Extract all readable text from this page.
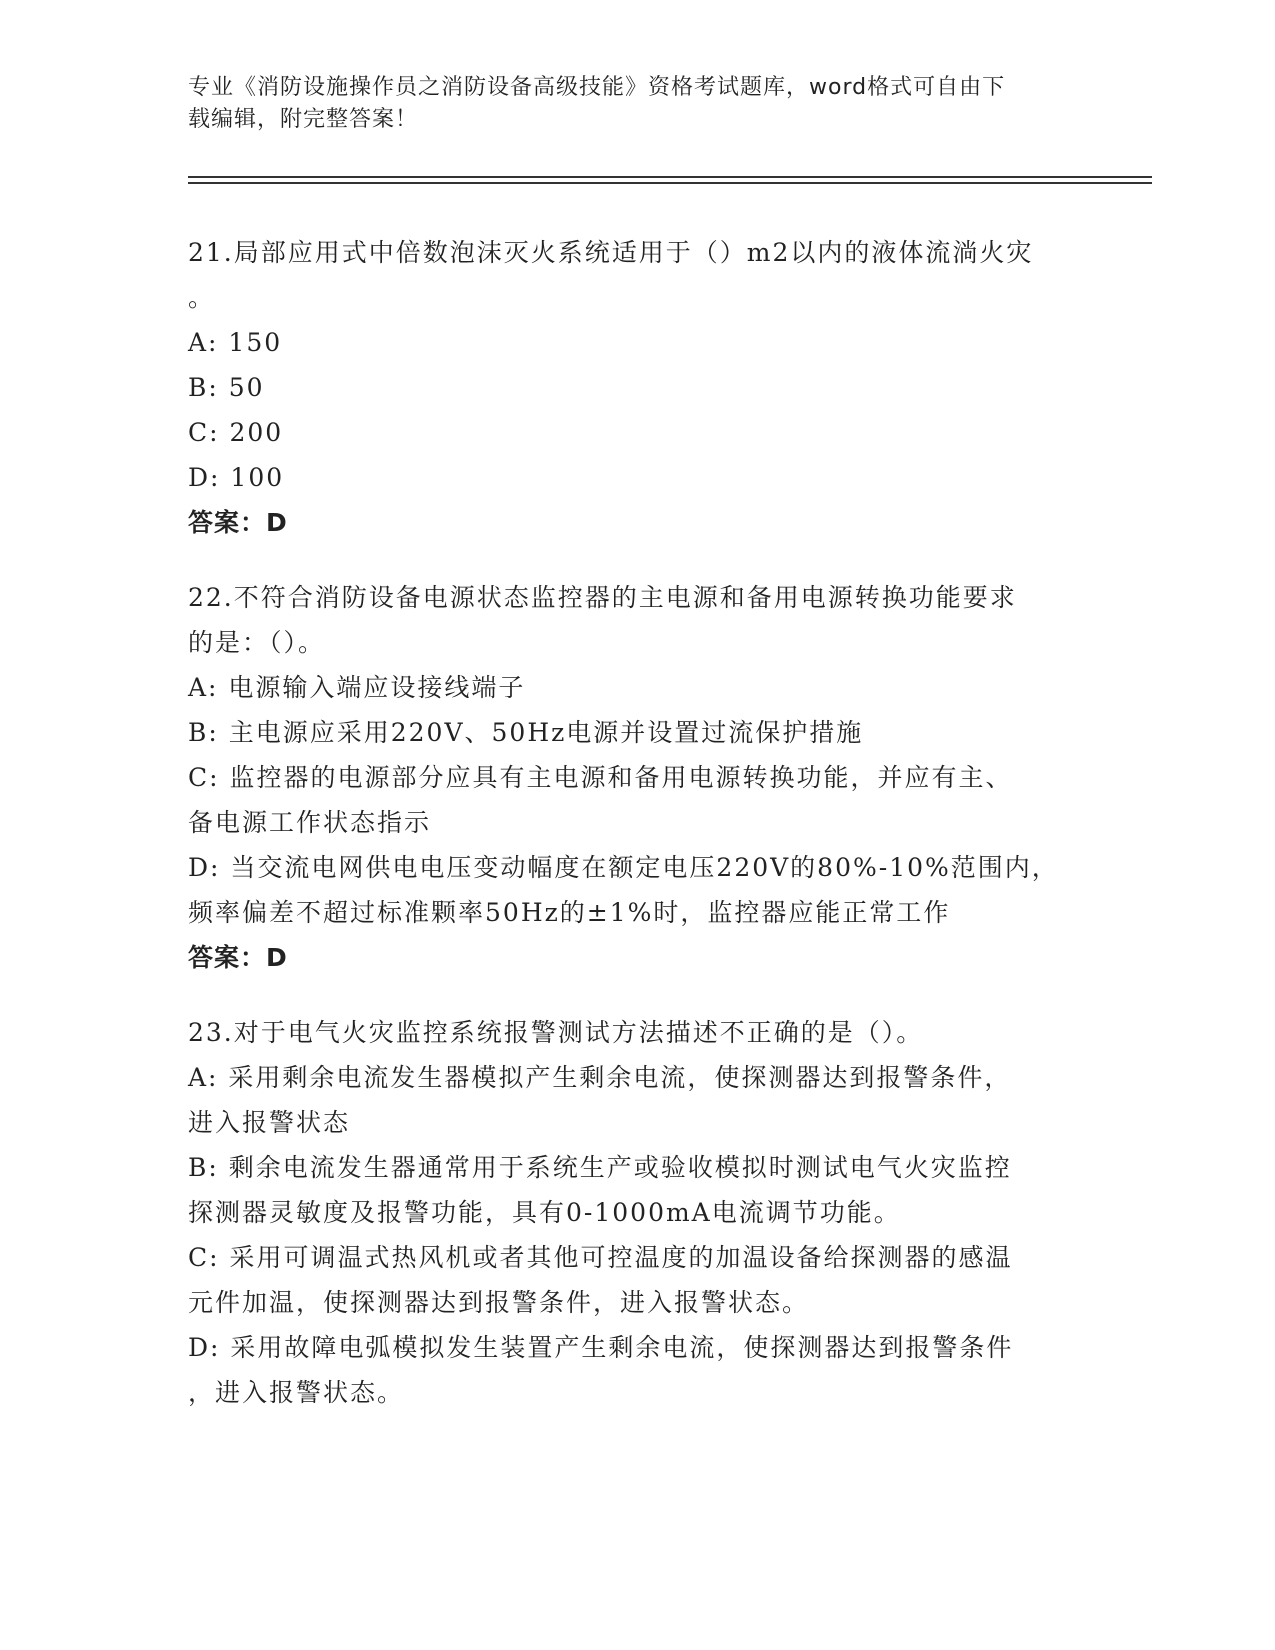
专业《消防设施操作员之消防设备高级技能》资格考试题库，word格式可自由下
载编辑，附完整答案！
21.局部应用式中倍数泡沫灭火系统适用于（）m2以内的液体流淌火灾
。
A: 150
B: 50
C: 200
D: 100
答案：D
22.不符合消防设备电源状态监控器的主电源和备用电源转换功能要求
的是：（）。
A: 电源输入端应设接线端子
B: 主电源应采用220V、50Hz电源并设置过流保护措施
C: 监控器的电源部分应具有主电源和备用电源转换功能，并应有主、
备电源工作状态指示
D: 当交流电网供电电压变动幅度在额定电压220V的80%-10%范围内，
频率偏差不超过标准颗率50Hz的±1%时，监控器应能正常工作
答案：D
23.对于电气火灾监控系统报警测试方法描述不正确的是（）。
A: 采用剩余电流发生器模拟产生剩余电流，使探测器达到报警条件，
进入报警状态
B: 剩余电流发生器通常用于系统生产或验收模拟时测试电气火灾监控
探测器灵敏度及报警功能，具有0-1000mA电流调节功能。
C: 采用可调温式热风机或者其他可控温度的加温设备给探测器的感温
元件加温，使探测器达到报警条件，进入报警状态。
D: 采用故障电弧模拟发生装置产生剩余电流，使探测器达到报警条件
，进入报警状态。
